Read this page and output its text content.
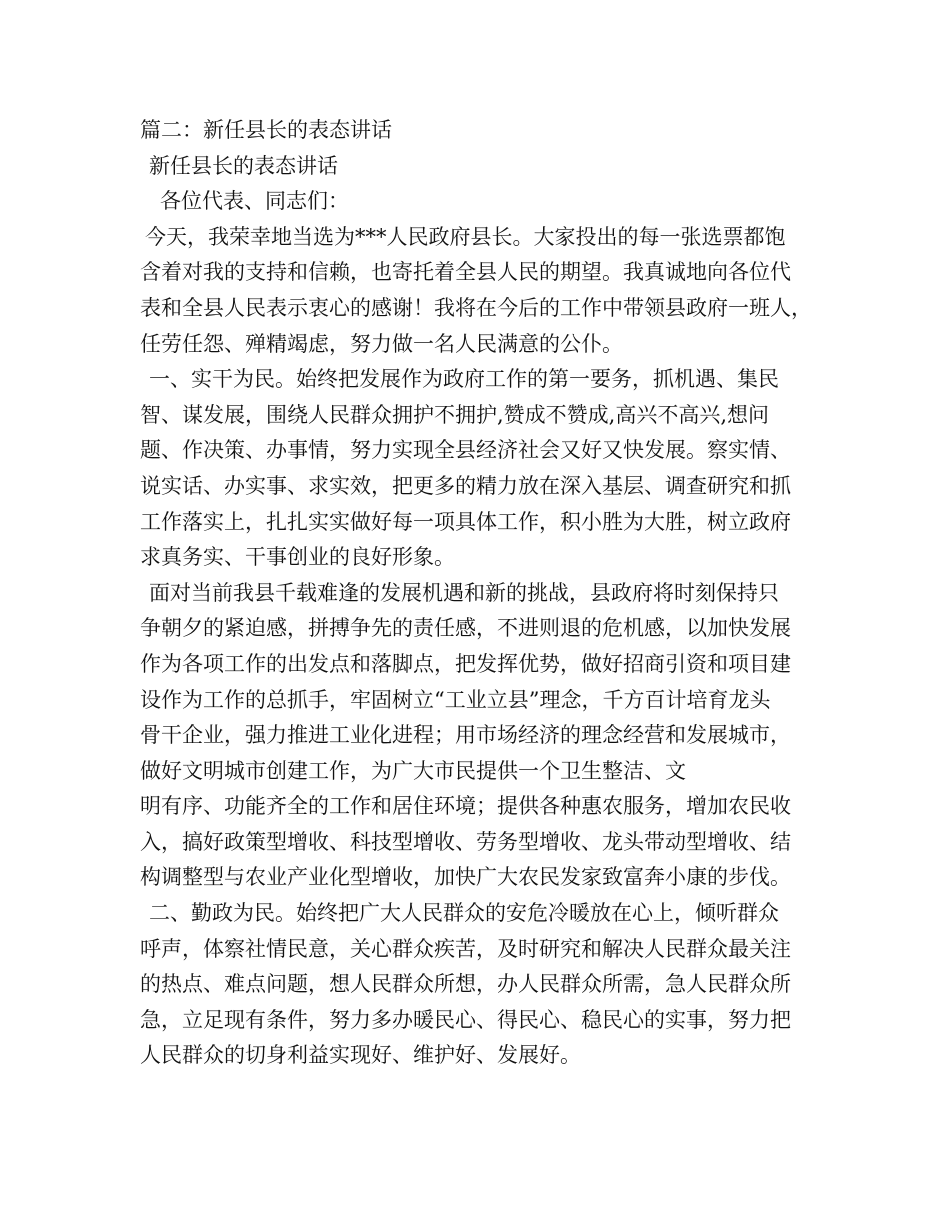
篇二：新任县长的表态讲话
新任县长的表态讲话
各位代表、同志们：
今天，我荣幸地当选为***人民政府县长。大家投出的每一张选票都饱
含着对我的支持和信赖，也寄托着全县人民的期望。我真诚地向各位代
表和全县人民表示衷心的感谢！我将在今后的工作中带领县政府一班人，
任劳任怨、殚精竭虑，努力做一名人民满意的公仆。
一、实干为民。始终把发展作为政府工作的第一要务，抓机遇、集民
智、谋发展，围绕人民群众拥护不拥护,赞成不赞成,高兴不高兴,想问
题、作决策、办事情，努力实现全县经济社会又好又快发展。察实情、
说实话、办实事、求实效，把更多的精力放在深入基层、调查研究和抓
工作落实上，扎扎实实做好每一项具体工作，积小胜为大胜，树立政府
求真务实、干事创业的良好形象。
面对当前我县千载难逢的发展机遇和新的挑战，县政府将时刻保持只
争朝夕的紧迫感，拼搏争先的责任感，不进则退的危机感，以加快发展
作为各项工作的出发点和落脚点，把发挥优势，做好招商引资和项目建
设作为工作的总抓手，牢固树立“工业立县”理念，千方百计培育龙头
骨干企业，强力推进工业化进程；用市场经济的理念经营和发展城市，
做好文明城市创建工作，为广大市民提供一个卫生整洁、文
明有序、功能齐全的工作和居住环境；提供各种惠农服务，增加农民收
入，搞好政策型增收、科技型增收、劳务型增收、龙头带动型增收、结
构调整型与农业产业化型增收，加快广大农民发家致富奔小康的步伐。
二、勤政为民。始终把广大人民群众的安危冷暖放在心上，倾听群众
呼声，体察社情民意，关心群众疾苦，及时研究和解决人民群众最关注
的热点、难点问题，想人民群众所想，办人民群众所需，急人民群众所
急，立足现有条件，努力多办暖民心、得民心、稳民心的实事，努力把
人民群众的切身利益实现好、维护好、发展好。
